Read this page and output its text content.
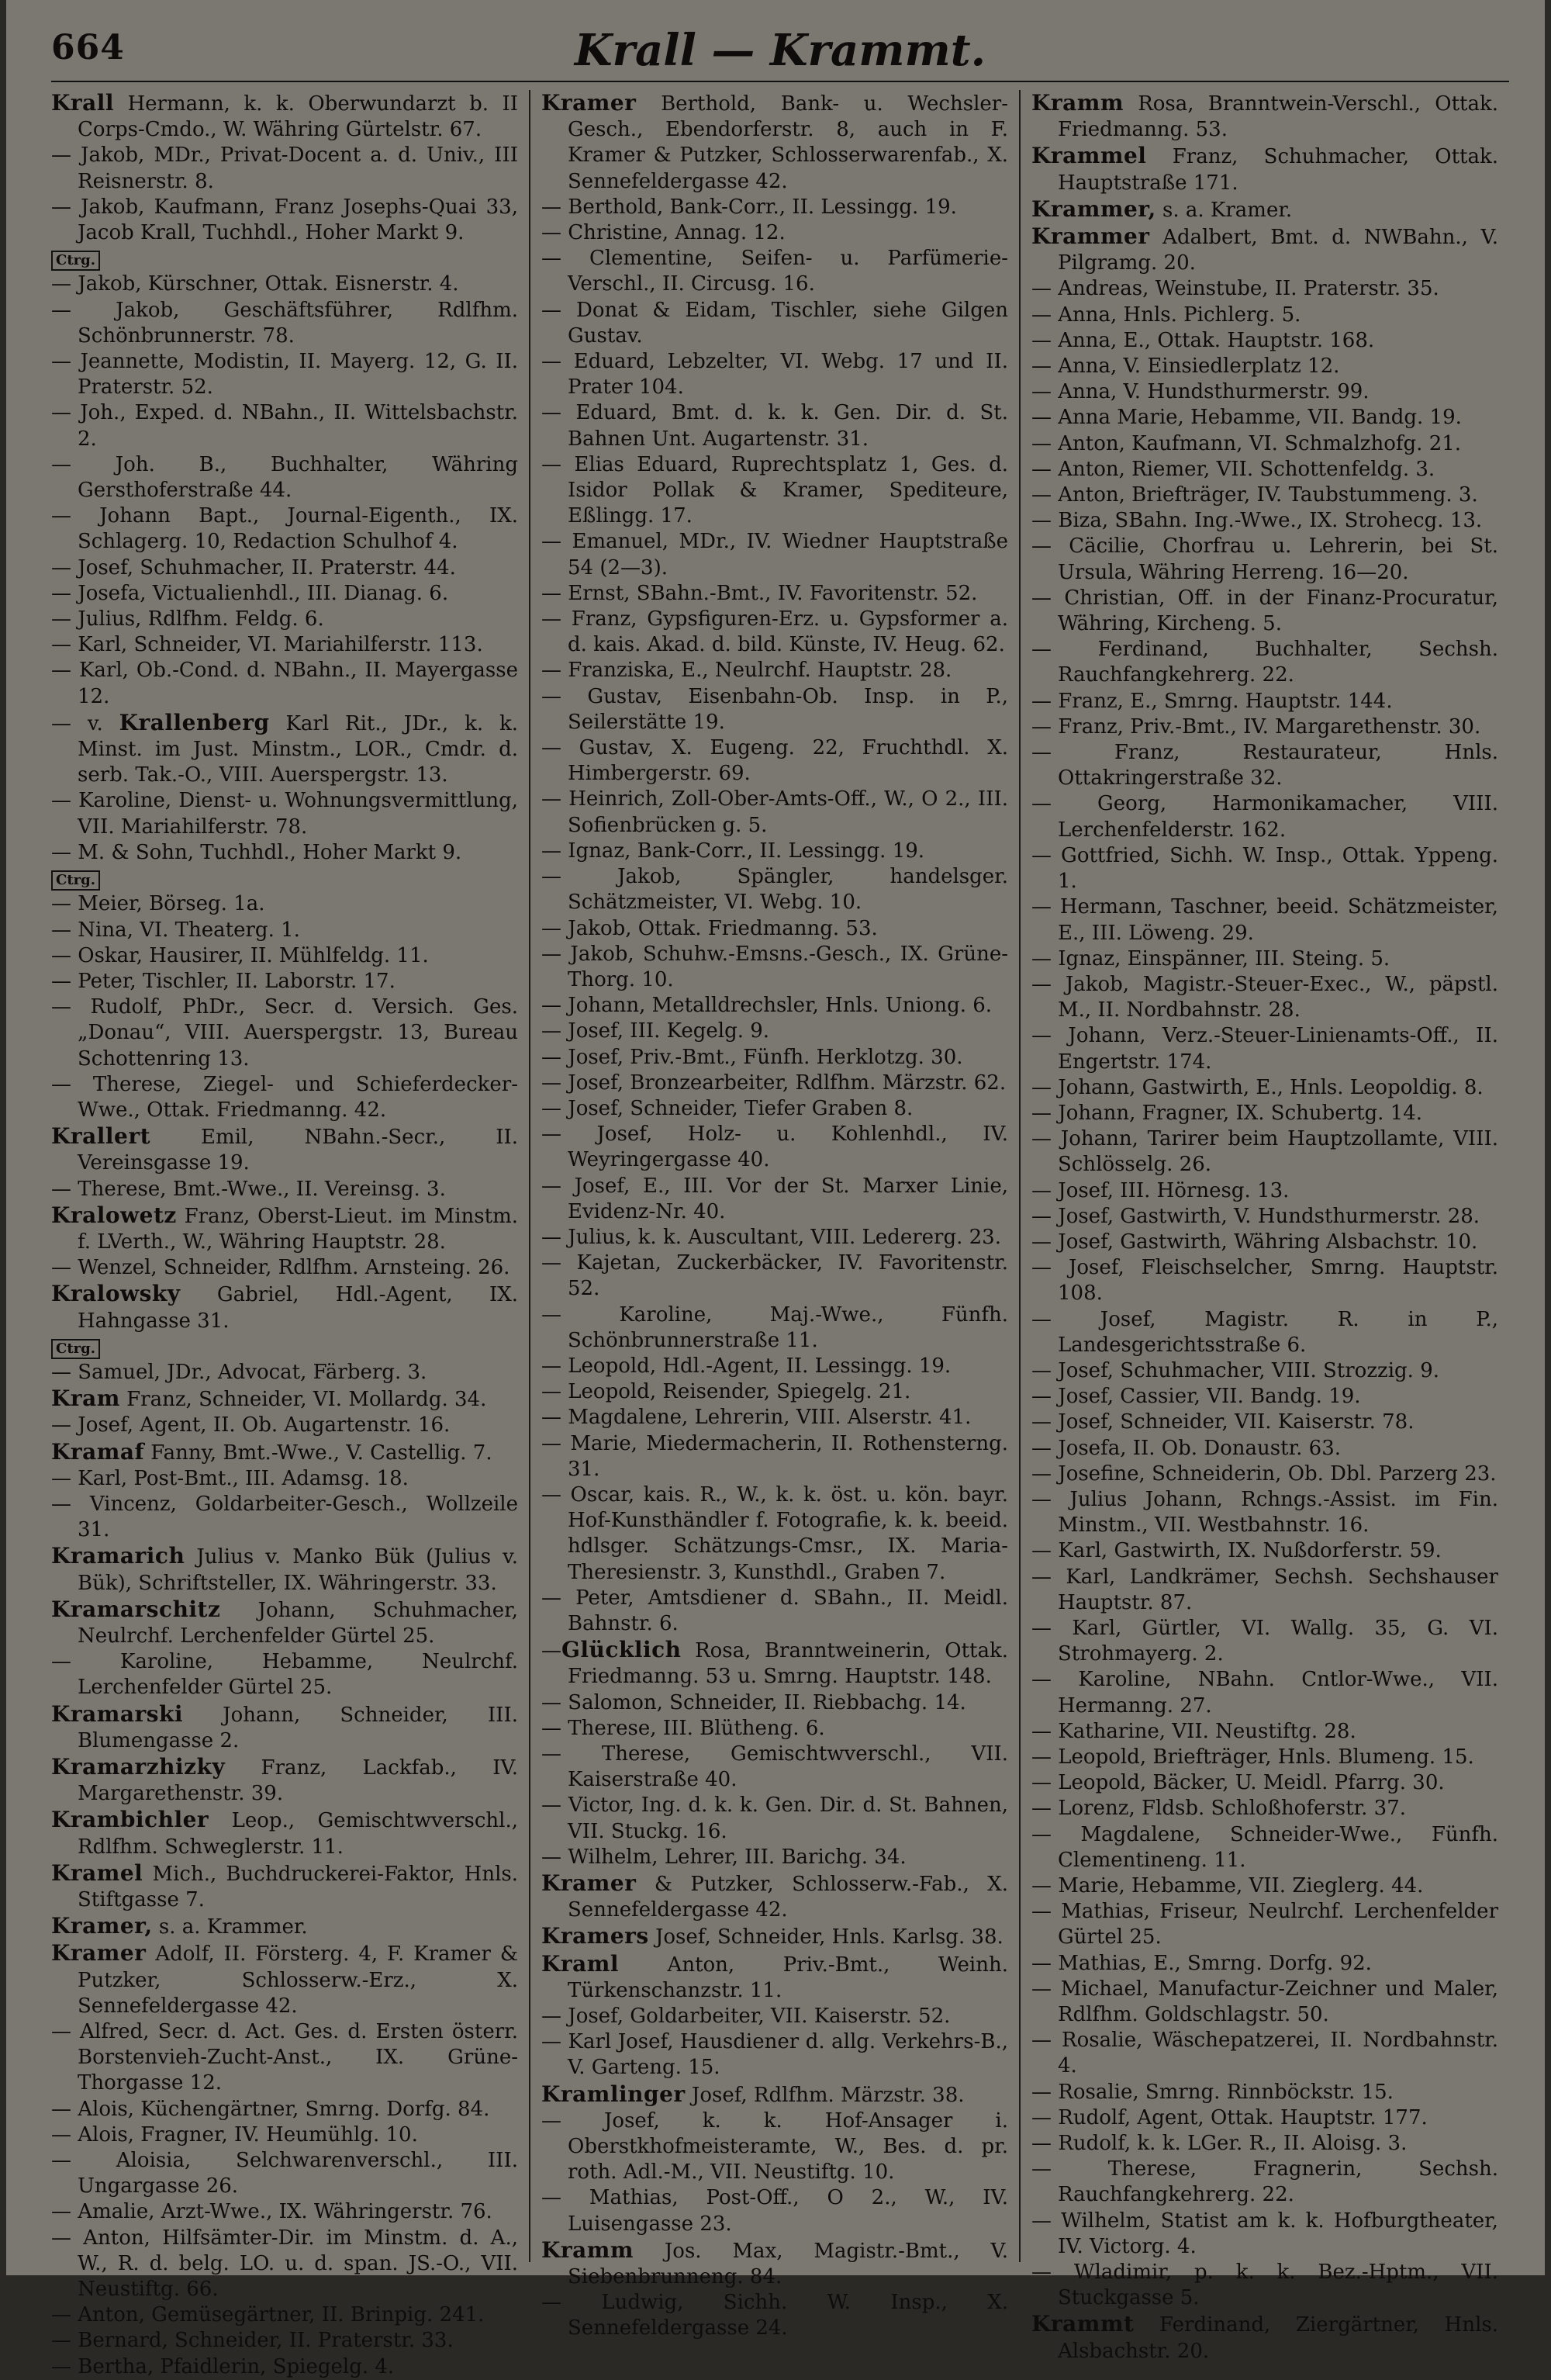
664	Krall — Krammt.

Krall Hermann, k. k. Oberwundarzt b. II Corps-Cmdo., W. Währing Gürtelstr. 67.

— Jakob, MDr., Privat-Docent a. d. Univ., III Reisnerstr. 8.

— Jakob, Kaufmann, Franz Josephs-Quai 33, Jacob Krall, Tuchhdl., Hoher Markt 9.

Ctrg.

— Jakob, Kürschner, Ottak. Eisnerstr. 4.

— Jakob, Geschäftsführer, Rdlfhm. Schönbrunnerstr. 78.

— Jeannette, Modistin, II. Mayerg. 12, G. II. Praterstr. 52.

— Joh., Exped. d. NBahn., II. Wittelsbachstr. 2.

— Joh. B., Buchhalter, Währing Gersthoferstraße 44.

— Johann Bapt., Journal-Eigenth., IX. Schlagerg. 10, Redaction Schulhof 4.

— Josef, Schuhmacher, II. Praterstr. 44.

— Josefa, Victualienhdl., III. Dianag. 6.

— Julius, Rdlfhm. Feldg. 6.

— Karl, Schneider, VI. Mariahilferstr. 113.

— Karl, Ob.-Cond. d. NBahn., II. Mayergasse 12.

— v. Krallenberg Karl Rit., JDr., k. k. Minst. im Just. Minstm., LOR., Cmdr. d. serb. Tak.-O., VIII. Auerspergstr. 13.

— Karoline, Dienst- u. Wohnungsvermittlung, VII. Mariahilferstr. 78.

— M. & Sohn, Tuchhdl., Hoher Markt 9.

Ctrg.

— Meier, Börseg. 1a.

— Nina, VI. Theaterg. 1.

— Oskar, Hausirer, II. Mühlfeldg. 11.

— Peter, Tischler, II. Laborstr. 17.

— Rudolf, PhDr., Secr. d. Versich. Ges. „Donau“, VIII. Auerspergstr. 13, Bureau Schottenring 13.

— Therese, Ziegel- und Schieferdecker-Wwe., Ottak. Friedmanng. 42.

Krallert Emil, NBahn.-Secr., II. Vereinsgasse 19.

— Therese, Bmt.-Wwe., II. Vereinsg. 3.

Kralowetz Franz, Oberst-Lieut. im Minstm. f. LVerth., W., Währing Hauptstr. 28.

— Wenzel, Schneider, Rdlfhm. Arnsteing. 26.

Kralowsky Gabriel, Hdl.-Agent, IX. Hahngasse 31.

Ctrg.

— Samuel, JDr., Advocat, Färberg. 3.

Kram Franz, Schneider, VI. Mollardg. 34.

— Josef, Agent, II. Ob. Augartenstr. 16.

Kramaf Fanny, Bmt.-Wwe., V. Castellig. 7.

— Karl, Post-Bmt., III. Adamsg. 18.

— Vincenz, Goldarbeiter-Gesch., Wollzeile 31.

Kramarich Julius v. Manko Bük (Julius v. Bük), Schriftsteller, IX. Währingerstr. 33.

Kramarschitz Johann, Schuhmacher, Neulrchf. Lerchenfelder Gürtel 25.

— Karoline, Hebamme, Neulrchf. Lerchenfelder Gürtel 25.

Kramarski Johann, Schneider, III. Blumengasse 2.

Kramarzhizky Franz, Lackfab., IV. Margarethenstr. 39.

Krambichler Leop., Gemischtwverschl., Rdlfhm. Schweglerstr. 11.

Kramel Mich., Buchdruckerei-Faktor, Hnls. Stiftgasse 7.

Kramer, s. a. Krammer.

Kramer Adolf, II. Försterg. 4, F. Kramer & Putzker, Schlosserw.-Erz., X. Sennefeldergasse 42.

— Alfred, Secr. d. Act. Ges. d. Ersten österr. Borstenvieh-Zucht-Anst., IX. Grüne-Thorgasse 12.

— Alois, Küchengärtner, Smrng. Dorfg. 84.

— Alois, Fragner, IV. Heumühlg. 10.

— Aloisia, Selchwarenverschl., III. Ungargasse 26.

— Amalie, Arzt-Wwe., IX. Währingerstr. 76.

— Anton, Hilfsämter-Dir. im Minstm. d. A., W., R. d. belg. LO. u. d. span. JS.-O., VII. Neustiftg. 66.

— Anton, Gemüsegärtner, II. Brinpig. 241.

— Bernard, Schneider, II. Praterstr. 33.

— Bertha, Pfaidlerin, Spiegelg. 4.

Kramer Berthold, Bank- u. Wechsler-Gesch., Ebendorferstr. 8, auch in F. Kramer & Putzker, Schlosserwarenfab., X. Sennefeldergasse 42.

— Berthold, Bank-Corr., II. Lessingg. 19.

— Christine, Annag. 12.

— Clementine, Seifen- u. Parfümerie-Verschl., II. Circusg. 16.

— Donat & Eidam, Tischler, siehe Gilgen Gustav.

— Eduard, Lebzelter, VI. Webg. 17 und II. Prater 104.

— Eduard, Bmt. d. k. k. Gen. Dir. d. St. Bahnen Unt. Augartenstr. 31.

— Elias Eduard, Ruprechtsplatz 1, Ges. d. Isidor Pollak & Kramer, Spediteure, Eßlingg. 17.

— Emanuel, MDr., IV. Wiedner Hauptstraße 54 (2—3).

— Ernst, SBahn.-Bmt., IV. Favoritenstr. 52.

— Franz, Gypsfiguren-Erz. u. Gypsformer a. d. kais. Akad. d. bild. Künste, IV. Heug. 62.

— Franziska, E., Neulrchf. Hauptstr. 28.

— Gustav, Eisenbahn-Ob. Insp. in P., Seilerstätte 19.

— Gustav, X. Eugeng. 22, Fruchthdl. X. Himbergerstr. 69.

— Heinrich, Zoll-Ober-Amts-Off., W., O 2., III. Sofienbrücken g. 5.

— Ignaz, Bank-Corr., II. Lessingg. 19.

— Jakob, Spängler, handelsger. Schätzmeister, VI. Webg. 10.

— Jakob, Ottak. Friedmanng. 53.

— Jakob, Schuhw.-Emsns.-Gesch., IX. Grüne-Thorg. 10.

— Johann, Metalldrechsler, Hnls. Uniong. 6.

— Josef, III. Kegelg. 9.

— Josef, Priv.-Bmt., Fünfh. Herklotzg. 30.

— Josef, Bronzearbeiter, Rdlfhm. Märzstr. 62.

— Josef, Schneider, Tiefer Graben 8.

— Josef, Holz- u. Kohlenhdl., IV. Weyringergasse 40.

— Josef, E., III. Vor der St. Marxer Linie, Evidenz-Nr. 40.

— Julius, k. k. Auscultant, VIII. Ledererg. 23.

— Kajetan, Zuckerbäcker, IV. Favoritenstr. 52.

— Karoline, Maj.-Wwe., Fünfh. Schönbrunnerstraße 11.

— Leopold, Hdl.-Agent, II. Lessingg. 19.

— Leopold, Reisender, Spiegelg. 21.

— Magdalene, Lehrerin, VIII. Alserstr. 41.

— Marie, Miedermacherin, II. Rothensterng. 31.

— Oscar, kais. R., W., k. k. öst. u. kön. bayr. Hof-Kunsthändler f. Fotografie, k. k. beeid. hdlsger. Schätzungs-Cmsr., IX. Maria-Theresienstr. 3, Kunsthdl., Graben 7.

— Peter, Amtsdiener d. SBahn., II. Meidl. Bahnstr. 6.

—Glücklich Rosa, Branntweinerin, Ottak. Friedmanng. 53 u. Smrng. Hauptstr. 148.

— Salomon, Schneider, II. Riebbachg. 14.

— Therese, III. Blütheng. 6.

— Therese, Gemischtwverschl., VII. Kaiserstraße 40.

— Victor, Ing. d. k. k. Gen. Dir. d. St. Bahnen, VII. Stuckg. 16.

— Wilhelm, Lehrer, III. Barichg. 34.

Kramer & Putzker, Schlosserw.-Fab., X. Sennefeldergasse 42.

Kramers Josef, Schneider, Hnls. Karlsg. 38.

Kraml Anton, Priv.-Bmt., Weinh. Türkenschanzstr. 11.

— Josef, Goldarbeiter, VII. Kaiserstr. 52.

— Karl Josef, Hausdiener d. allg. Verkehrs-B., V. Garteng. 15.

Kramlinger Josef, Rdlfhm. Märzstr. 38.

— Josef, k. k. Hof-Ansager i. Oberstkhofmeisteramte, W., Bes. d. pr. roth. Adl.-M., VII. Neustiftg. 10.

— Mathias, Post-Off., O 2., W., IV. Luisengasse 23.

Kramm Jos. Max, Magistr.-Bmt., V. Siebenbrunneng. 84.

— Ludwig, Sichh. W. Insp., X. Sennefeldergasse 24.

Kramm Rosa, Branntwein-Verschl., Ottak. Friedmanng. 53.

Krammel Franz, Schuhmacher, Ottak. Hauptstraße 171.

Krammer, s. a. Kramer.

Krammer Adalbert, Bmt. d. NWBahn., V. Pilgramg. 20.

— Andreas, Weinstube, II. Praterstr. 35.

— Anna, Hnls. Pichlerg. 5.

— Anna, E., Ottak. Hauptstr. 168.

— Anna, V. Einsiedlerplatz 12.

— Anna, V. Hundsthurmerstr. 99.

— Anna Marie, Hebamme, VII. Bandg. 19.

— Anton, Kaufmann, VI. Schmalzhofg. 21.

— Anton, Riemer, VII. Schottenfeldg. 3.

— Anton, Briefträger, IV. Taubstummeng. 3.

— Biza, SBahn. Ing.-Wwe., IX. Strohecg. 13.

— Cäcilie, Chorfrau u. Lehrerin, bei St. Ursula, Währing Herreng. 16—20.

— Christian, Off. in der Finanz-Procuratur, Währing, Kircheng. 5.

— Ferdinand, Buchhalter, Sechsh. Rauchfangkehrerg. 22.

— Franz, E., Smrng. Hauptstr. 144.

— Franz, Priv.-Bmt., IV. Margarethenstr. 30.

— Franz, Restaurateur, Hnls. Ottakringerstraße 32.

— Georg, Harmonikamacher, VIII. Lerchenfelderstr. 162.

— Gottfried, Sichh. W. Insp., Ottak. Yppeng. 1.

— Hermann, Taschner, beeid. Schätzmeister, E., III. Löweng. 29.

— Ignaz, Einspänner, III. Steing. 5.

— Jakob, Magistr.-Steuer-Exec., W., päpstl. M., II. Nordbahnstr. 28.

— Johann, Verz.-Steuer-Linienamts-Off., II. Engertstr. 174.

— Johann, Gastwirth, E., Hnls. Leopoldig. 8.

— Johann, Fragner, IX. Schubertg. 14.

— Johann, Tarirer beim Hauptzollamte, VIII. Schlösselg. 26.

— Josef, III. Hörnesg. 13.

— Josef, Gastwirth, V. Hundsthurmerstr. 28.

— Josef, Gastwirth, Währing Alsbachstr. 10.

— Josef, Fleischselcher, Smrng. Hauptstr. 108.

— Josef, Magistr. R. in P., Landesgerichtsstraße 6.

— Josef, Schuhmacher, VIII. Strozzig. 9.

— Josef, Cassier, VII. Bandg. 19.

— Josef, Schneider, VII. Kaiserstr. 78.

— Josefa, II. Ob. Donaustr. 63.

— Josefine, Schneiderin, Ob. Dbl. Parzerg 23.

— Julius Johann, Rchngs.-Assist. im Fin. Minstm., VII. Westbahnstr. 16.

— Karl, Gastwirth, IX. Nußdorferstr. 59.

— Karl, Landkrämer, Sechsh. Sechshauser Hauptstr. 87.

— Karl, Gürtler, VI. Wallg. 35, G. VI. Strohmayerg. 2.

— Karoline, NBahn. Cntlor-Wwe., VII. Hermanng. 27.

— Katharine, VII. Neustiftg. 28.

— Leopold, Briefträger, Hnls. Blumeng. 15.

— Leopold, Bäcker, U. Meidl. Pfarrg. 30.

— Lorenz, Fldsb. Schloßhoferstr. 37.

— Magdalene, Schneider-Wwe., Fünfh. Clementineng. 11.

— Marie, Hebamme, VII. Zieglerg. 44.

— Mathias, Friseur, Neulrchf. Lerchenfelder Gürtel 25.

— Mathias, E., Smrng. Dorfg. 92.

— Michael, Manufactur-Zeichner und Maler, Rdlfhm. Goldschlagstr. 50.

— Rosalie, Wäschepatzerei, II. Nordbahnstr. 4.

— Rosalie, Smrng. Rinnböckstr. 15.

— Rudolf, Agent, Ottak. Hauptstr. 177.

— Rudolf, k. k. LGer. R., II. Aloisg. 3.

— Therese, Fragnerin, Sechsh. Rauchfangkehrerg. 22.

— Wilhelm, Statist am k. k. Hofburgtheater, IV. Victorg. 4.

— Wladimir, p. k. k. Bez.-Hptm., VII. Stuckgasse 5.

Krammt Ferdinand, Ziergärtner, Hnls. Alsbachstr. 20.
